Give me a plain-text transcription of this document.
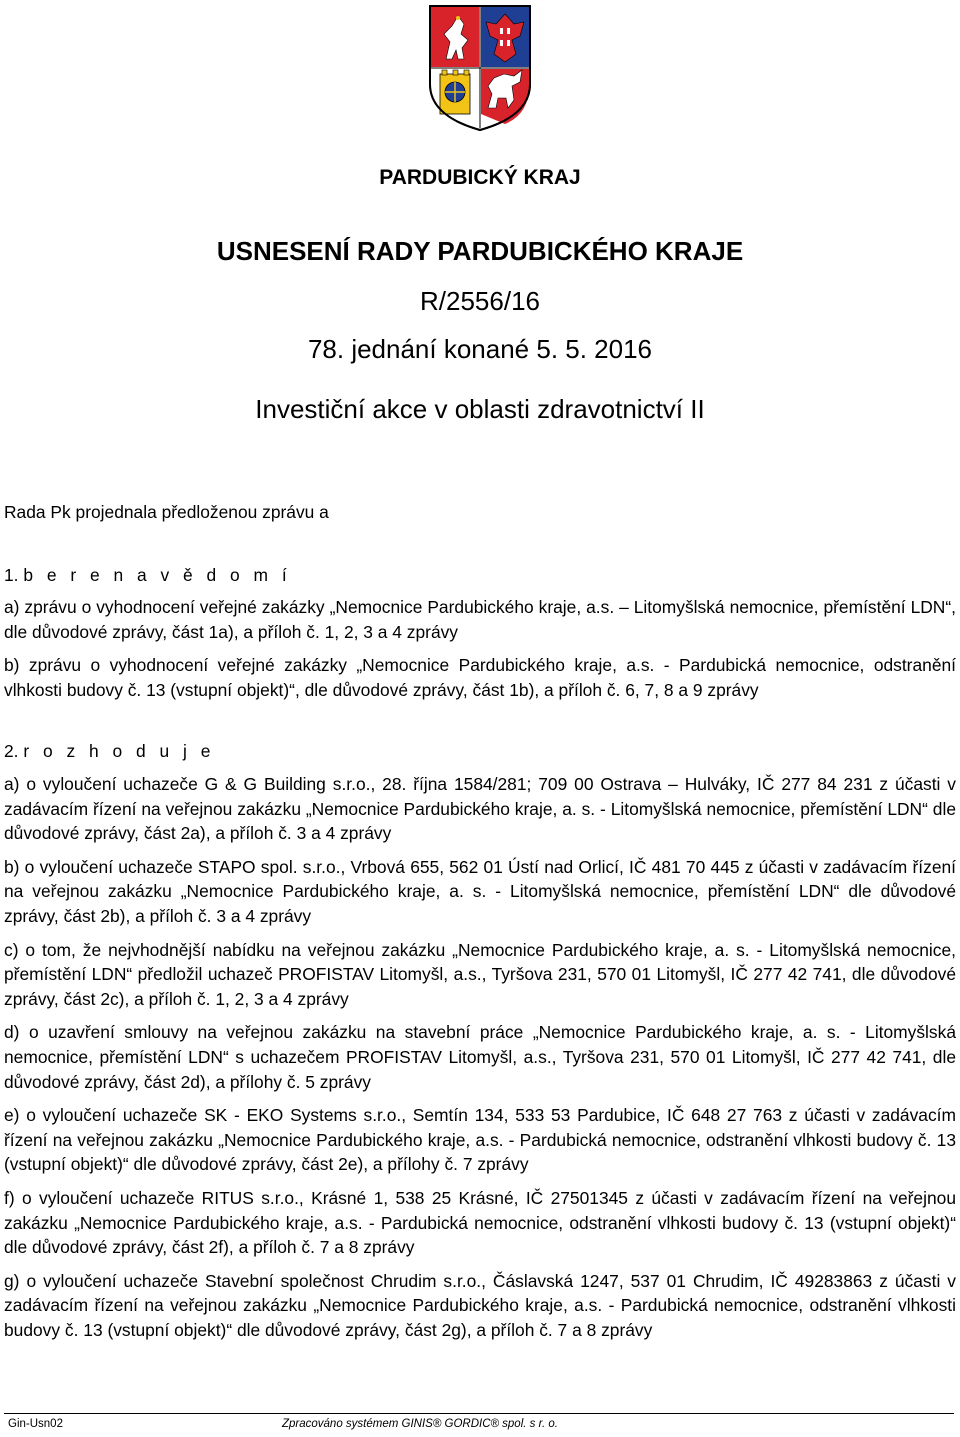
PARDUBICKÝ KRAJ
USNESENÍ RADY PARDUBICKÉHO KRAJE
R/2556/16
78. jednání konané 5. 5. 2016
Investiční akce v oblasti zdravotnictví II
Rada Pk projednala předloženou zprávu a
1. b e r e n a v ě d o m í

a) zprávu o vyhodnocení veřejné zakázky „Nemocnice Pardubického kraje, a.s. – Litomyšlská nemocnice, přemístění LDN“, dle důvodové zprávy, část 1a), a příloh č. 1, 2, 3 a 4 zprávy

b) zprávu o vyhodnocení veřejné zakázky „Nemocnice Pardubického kraje, a.s. - Pardubická nemocnice, odstranění vlhkosti budovy č. 13 (vstupní objekt)“, dle důvodové zprávy, část 1b), a příloh č. 6, 7, 8 a 9 zprávy

2. r o z h o d u j e

a) o vyloučení uchazeče G & G Building s.r.o., 28. října 1584/281; 709 00 Ostrava – Hulváky, IČ 277 84 231 z účasti v zadávacím řízení na veřejnou zakázku „Nemocnice Pardubického kraje, a. s. - Litomyšlská nemocnice, přemístění LDN“ dle důvodové zprávy, část 2a), a příloh č. 3 a 4 zprávy

b) o vyloučení uchazeče STAPO spol. s.r.o., Vrbová 655, 562 01 Ústí nad Orlicí, IČ 481 70 445 z účasti v zadávacím řízení na veřejnou zakázku „Nemocnice Pardubického kraje, a. s. - Litomyšlská nemocnice, přemístění LDN“ dle důvodové zprávy, část 2b), a příloh č. 3 a 4 zprávy

c) o tom, že nejvhodnější nabídku na veřejnou zakázku „Nemocnice Pardubického kraje, a. s. - Litomyšlská nemocnice, přemístění LDN“ předložil uchazeč PROFISTAV Litomyšl, a.s., Tyršova 231, 570 01 Litomyšl, IČ 277 42 741, dle důvodové zprávy, část 2c), a příloh č. 1, 2, 3 a 4 zprávy

d) o uzavření smlouvy na veřejnou zakázku na stavební práce „Nemocnice Pardubického kraje, a. s. - Litomyšlská nemocnice, přemístění LDN“ s uchazečem PROFISTAV Litomyšl, a.s., Tyršova 231, 570 01 Litomyšl, IČ 277 42 741, dle důvodové zprávy, část 2d), a přílohy č. 5 zprávy

e) o vyloučení uchazeče SK - EKO Systems s.r.o., Semtín 134, 533 53 Pardubice, IČ 648 27 763 z účasti v zadávacím řízení na veřejnou zakázku „Nemocnice Pardubického kraje, a.s. - Pardubická nemocnice, odstranění vlhkosti budovy č. 13 (vstupní objekt)“ dle důvodové zprávy, část 2e), a přílohy č. 7 zprávy

f) o vyloučení uchazeče RITUS s.r.o., Krásné 1, 538 25 Krásné, IČ 27501345 z účasti v zadávacím řízení na veřejnou zakázku „Nemocnice Pardubického kraje, a.s. - Pardubická nemocnice, odstranění vlhkosti budovy č. 13 (vstupní objekt)“ dle důvodové zprávy, část 2f), a příloh č. 7 a 8 zprávy

g) o vyloučení uchazeče Stavební společnost Chrudim s.r.o., Čáslavská 1247, 537 01 Chrudim, IČ 49283863 z účasti v zadávacím řízení na veřejnou zakázku „Nemocnice Pardubického kraje, a.s. - Pardubická nemocnice, odstranění vlhkosti budovy č. 13 (vstupní objekt)“ dle důvodové zprávy, část 2g), a příloh č. 7 a 8 zprávy

Gin-Usn02	Zpracováno systémem GINIS® GORDIC® spol. s r. o.
